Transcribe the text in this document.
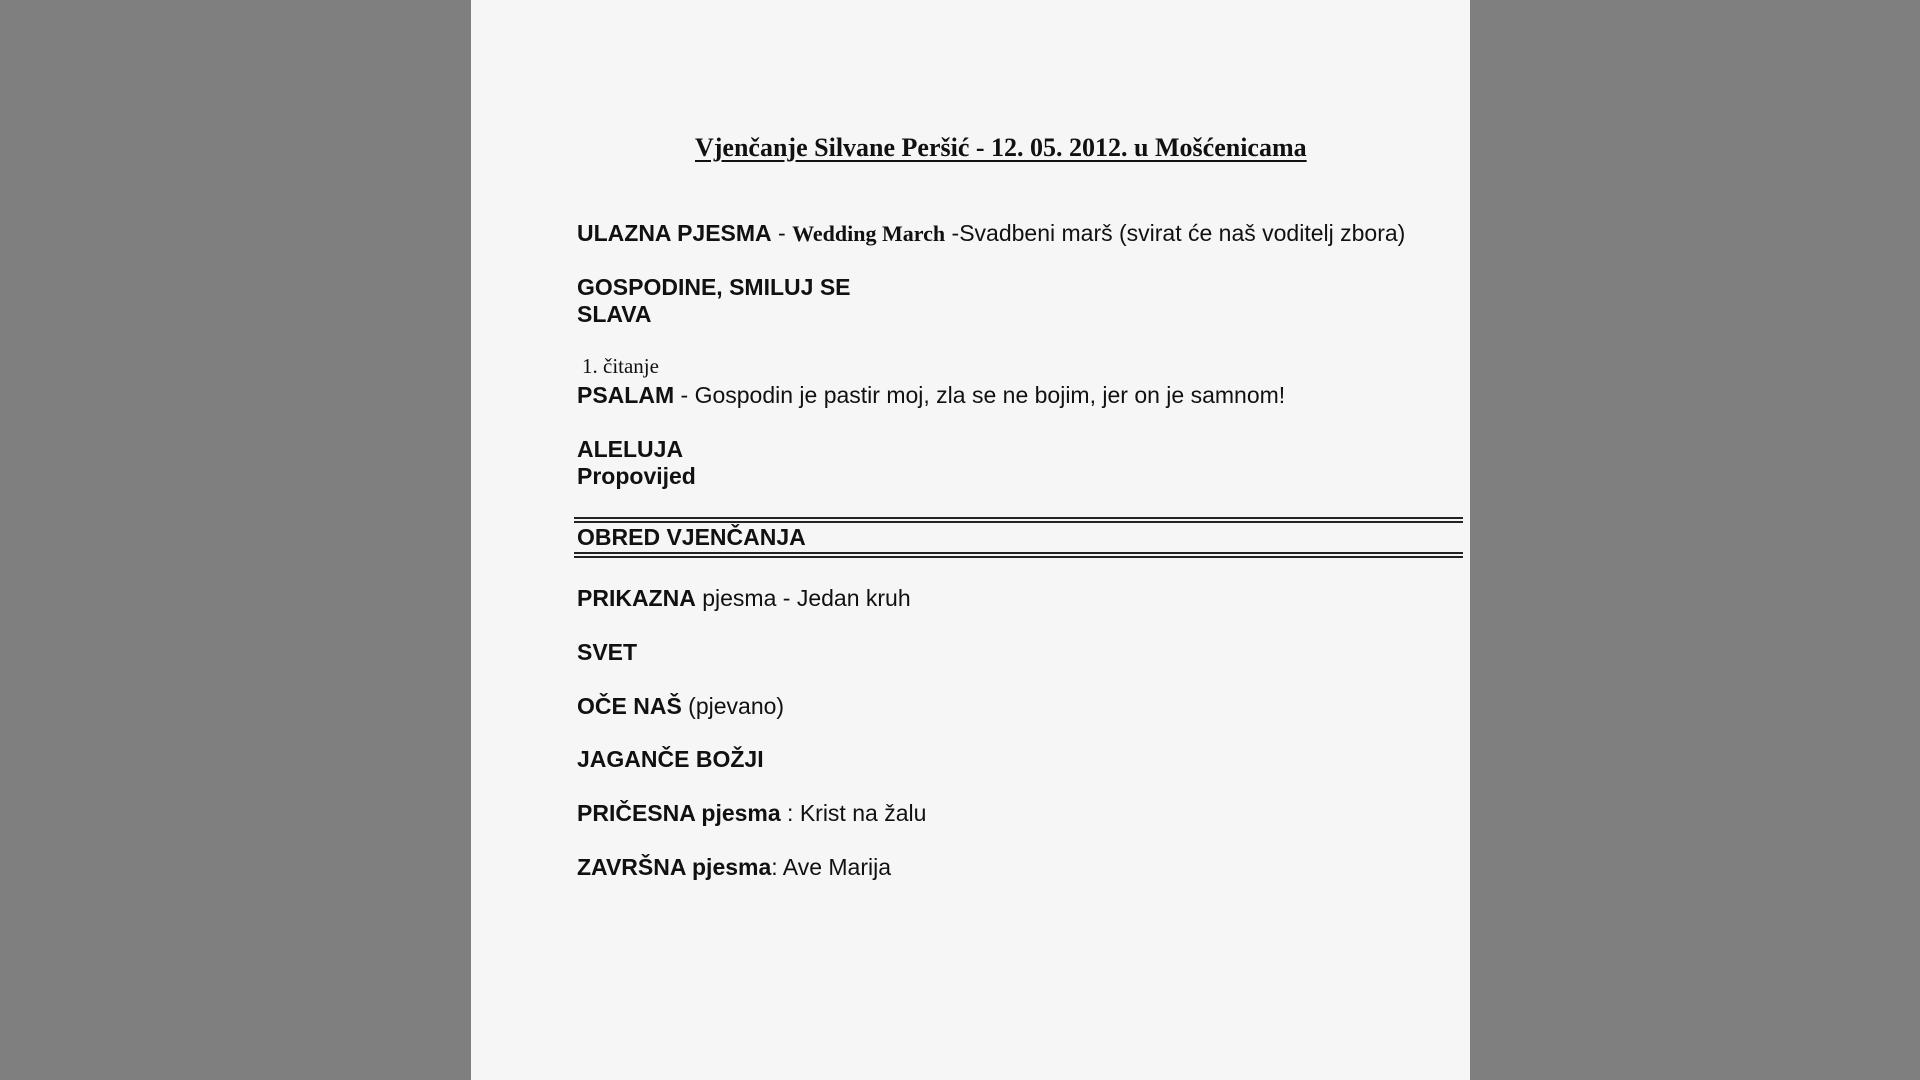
Vjenčanje Silvane Peršić - 12. 05. 2012. u Mošćenicama
ULAZNA PJESMA - Wedding March -Svadbeni marš (svirat će naš voditelj zbora)
GOSPODINE, SMILUJ SE
SLAVA
1. čitanje
PSALAM - Gospodin je pastir moj, zla se ne bojim, jer on je samnom!
ALELUJA
Propovijed
OBRED VJENČANJA
PRIKAZNA pjesma - Jedan kruh
SVET
OČE NAŠ (pjevano)
JAGANČE BOŽJI
PRIČESNA pjesma : Krist na žalu
ZAVRŠNA pjesma: Ave Marija
